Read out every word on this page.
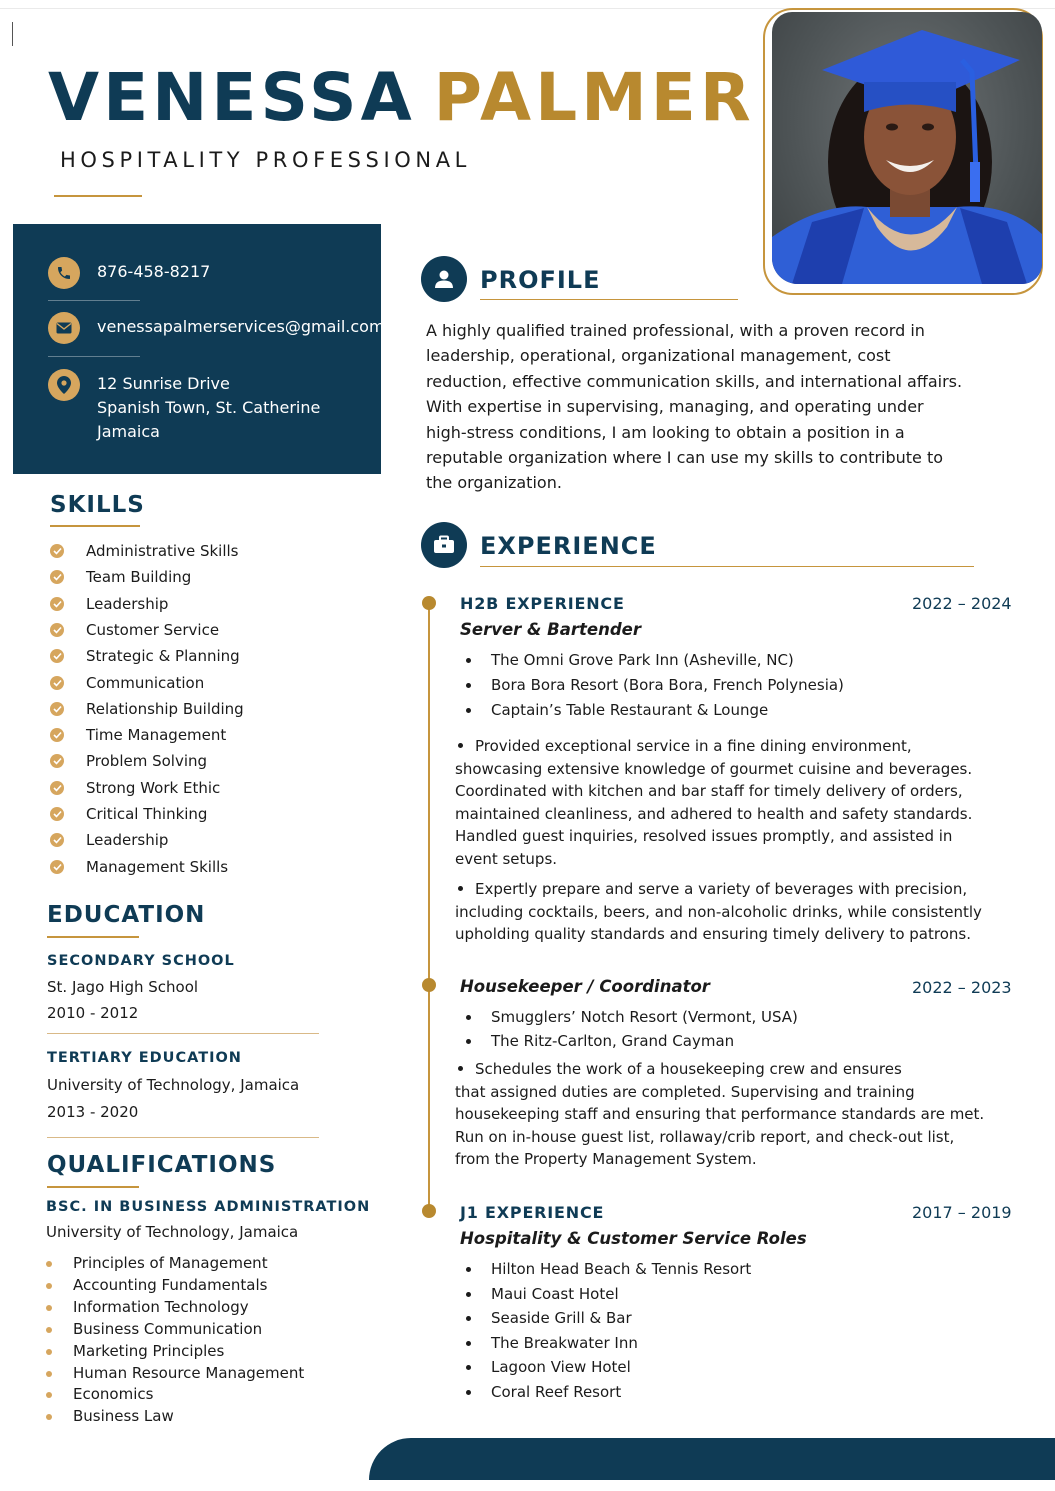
VENESSA PALMER
HOSPITALITY PROFESSIONAL
876-458-8217
venessapalmerservices@gmail.com
12 Sunrise Drive
Spanish Town, St. Catherine
Jamaica
SKILLS
Administrative Skills
Team Building
Leadership
Customer Service
Strategic & Planning
Communication
Relationship Building
Time Management
Problem Solving
Strong Work Ethic
Critical Thinking
Leadership
Management Skills
EDUCATION
SECONDARY SCHOOL
St. Jago High School
2010 - 2012
TERTIARY EDUCATION
University of Technology, Jamaica
2013 - 2020
QUALIFICATIONS
BSC. IN BUSINESS ADMINISTRATION
University of Technology, Jamaica
Principles of Management
Accounting Fundamentals
Information Technology
Business Communication
Marketing Principles
Human Resource Management
Economics
Business Law
PROFILE
A highly qualified trained professional, with a proven record in
leadership, operational, organizational management, cost
reduction, effective communication skills, and international affairs.
With expertise in supervising, managing, and operating under
high-stress conditions, I am looking to obtain a position in a
reputable organization where I can use my skills to contribute to
the organization.
EXPERIENCE
H2B EXPERIENCE	2022 – 2024
Server & Bartender
The Omni Grove Park Inn (Asheville, NC)
Bora Bora Resort (Bora Bora, French Polynesia)
Captain’s Table Restaurant & Lounge
Provided exceptional service in a fine dining environment,
showcasing extensive knowledge of gourmet cuisine and beverages.
Coordinated with kitchen and bar staff for timely delivery of orders,
maintained cleanliness, and adhered to health and safety standards.
Handled guest inquiries, resolved issues promptly, and assisted in
event setups.
Expertly prepare and serve a variety of beverages with precision,
including cocktails, beers, and non-alcoholic drinks, while consistently
upholding quality standards and ensuring timely delivery to patrons.
Housekeeper / Coordinator	2022 – 2023
Smugglers’ Notch Resort (Vermont, USA)
The Ritz-Carlton, Grand Cayman
Schedules the work of a housekeeping crew and ensures
that assigned duties are completed. Supervising and training
housekeeping staff and ensuring that performance standards are met.
Run on in-house guest list, rollaway/crib report, and check-out list,
from the Property Management System.
J1 EXPERIENCE	2017 – 2019
Hospitality & Customer Service Roles
Hilton Head Beach & Tennis Resort
Maui Coast Hotel
Seaside Grill & Bar
The Breakwater Inn
Lagoon View Hotel
Coral Reef Resort
